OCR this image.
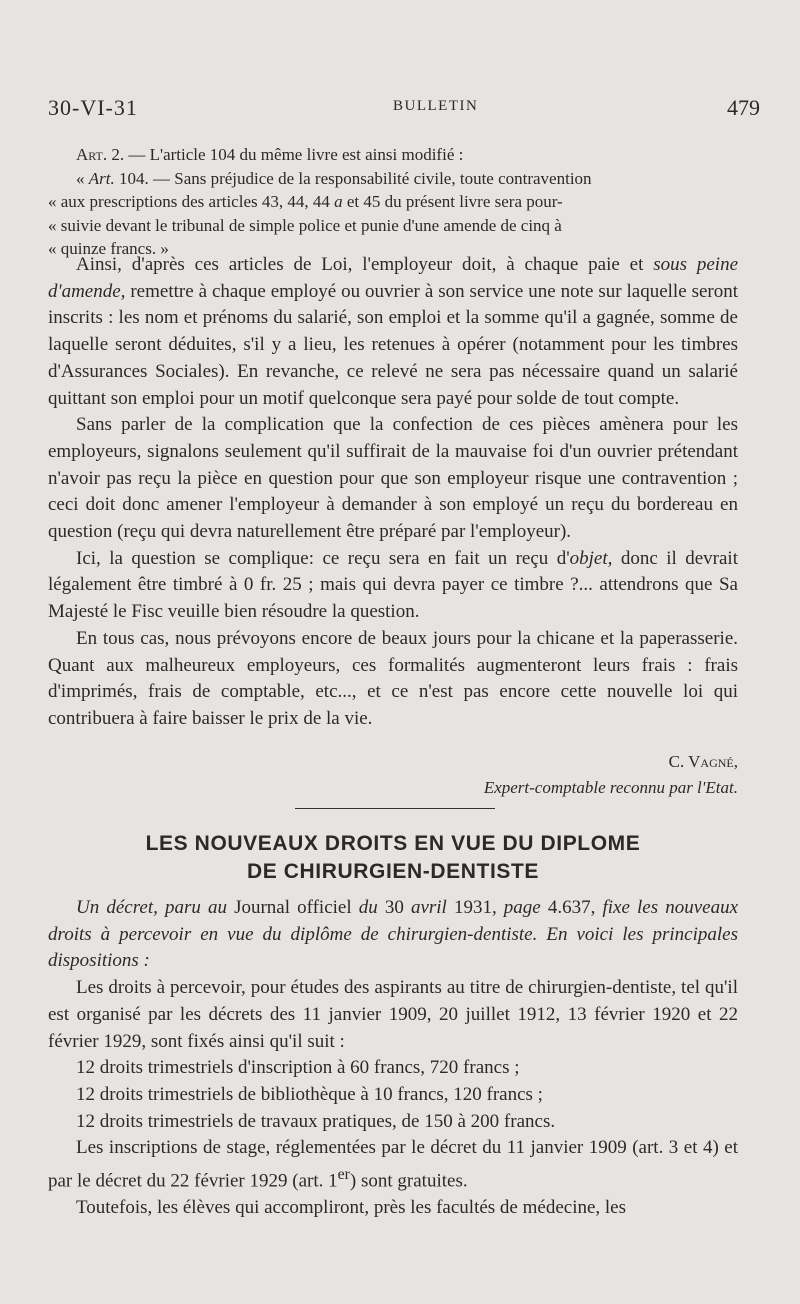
30-VI-31	BULLETIN	479

Art. 2. — L'article 104 du même livre est ainsi modifié :

« Art. 104. — Sans préjudice de la responsabilité civile, toute contravention

« aux prescriptions des articles 43, 44, 44 a et 45 du présent livre sera pour-

« suivie devant le tribunal de simple police et punie d'une amende de cinq à

« quinze francs. »

Ainsi, d'après ces articles de Loi, l'employeur doit, à chaque paie et sous peine d'amende, remettre à chaque employé ou ouvrier à son service une note sur laquelle seront inscrits : les nom et prénoms du salarié, son emploi et la somme qu'il a gagnée, somme de laquelle seront déduites, s'il y a lieu, les retenues à opérer (notamment pour les timbres d'Assurances Sociales). En revanche, ce relevé ne sera pas nécessaire quand un salarié quittant son emploi pour un motif quelconque sera payé pour solde de tout compte.

Sans parler de la complication que la confection de ces pièces amènera pour les employeurs, signalons seulement qu'il suffirait de la mauvaise foi d'un ouvrier prétendant n'avoir pas reçu la pièce en question pour que son employeur risque une contravention ; ceci doit donc amener l'employeur à demander à son employé un reçu du bordereau en question (reçu qui devra naturellement être préparé par l'employeur).

Ici, la question se complique: ce reçu sera en fait un reçu d'objet, donc il devrait légalement être timbré à 0 fr. 25 ; mais qui devra payer ce timbre ?... attendrons que Sa Majesté le Fisc veuille bien résoudre la question.

En tous cas, nous prévoyons encore de beaux jours pour la chicane et la paperasserie. Quant aux malheureux employeurs, ces formalités augmenteront leurs frais : frais d'imprimés, frais de comptable, etc..., et ce n'est pas encore cette nouvelle loi qui contribuera à faire baisser le prix de la vie.

C. Vagné,
Expert-comptable reconnu par l'Etat.
LES NOUVEAUX DROITS EN VUE DU DIPLOME
DE CHIRURGIEN-DENTISTE

Un décret, paru au Journal officiel du 30 avril 1931, page 4.637, fixe les nouveaux droits à percevoir en vue du diplôme de chirurgien-dentiste. En voici les principales dispositions :

Les droits à percevoir, pour études des aspirants au titre de chirurgien-dentiste, tel qu'il est organisé par les décrets des 11 janvier 1909, 20 juillet 1912, 13 février 1920 et 22 février 1929, sont fixés ainsi qu'il suit :

12 droits trimestriels d'inscription à 60 francs, 720 francs ;

12 droits trimestriels de bibliothèque à 10 francs, 120 francs ;

12 droits trimestriels de travaux pratiques, de 150 à 200 francs.

Les inscriptions de stage, réglementées par le décret du 11 janvier 1909 (art. 3 et 4) et par le décret du 22 février 1929 (art. 1er) sont gratuites.

Toutefois, les élèves qui accompliront, près les facultés de médecine, les
